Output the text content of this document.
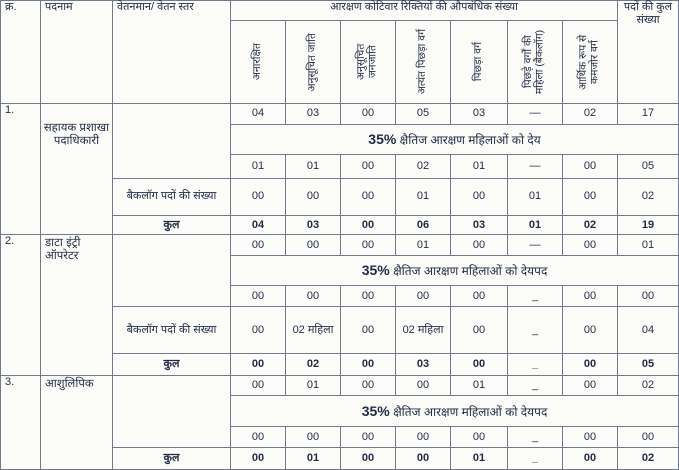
क्र.	पदनाम	वेतनमान/ वेतन स्तर	आरक्षण कोटिवार रिक्तियों की औपबंधिक संख्या							पदों की कुल संख्या

			अनारक्षित	अनुसूचित जाति	अनुसूचित जनजाति	अत्यंत पिछड़ा वर्ग	पिछड़ा वर्ग	पिछड़े वर्गों की महिला (बैकलॉग)	आर्थिक रूप से कमजोर वर्ग	

1.	सहायक प्रशाखा पदाधिकारी		04	03	00	05	03	—	02	17
			35% क्षैतिज आरक्षण महिलाओं को देय							
			01	01	00	02	01	—	00	05
		बैकलॉग पदों की संख्या	00	00	00	01	00	01	00	02
		कुल	04	03	00	06	03	01	02	19
2.	डाटा इंट्री ऑपरेटर		00	00	00	01	00	—	00	01
			35% क्षैतिज आरक्षण महिलाओं को देयपद							
			00	00	00	00	00	_	00	00
		बैकलॉग पदों की संख्या	00	02 महिला	00	02 महिला	00	_	00	04
		कुल	00	02	00	03	00	_	00	05
3.	आशुलिपिक		00	01	00	00	01	_	00	02
			35% क्षैतिज आरक्षण महिलाओं को देयपद							
			00	00	00	00	00	_	00	00
		कुल	00	01	00	00	01	_	00	02
